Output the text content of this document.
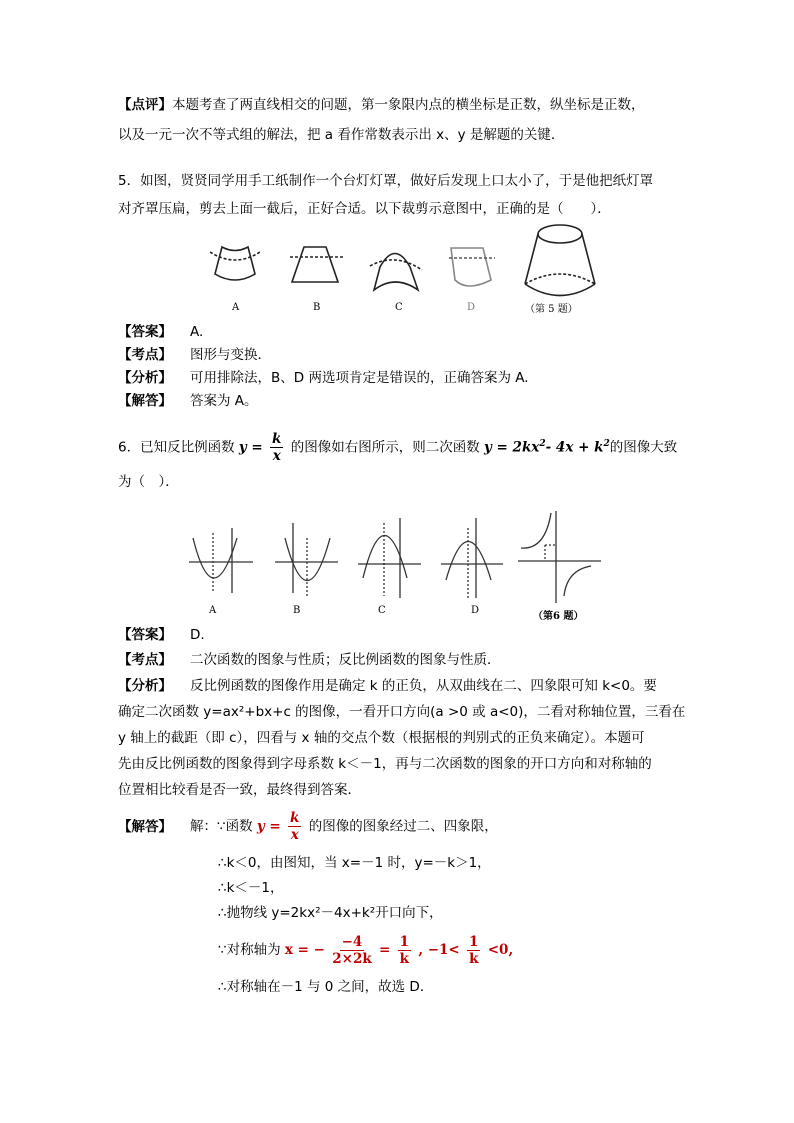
【点评】本题考查了两直线相交的问题，第一象限内点的横坐标是正数，纵坐标是正数，
以及一元一次不等式组的解法，把 a 看作常数表示出 x、y 是解题的关键．
5．如图，贤贤同学用手工纸制作一个台灯灯罩，做好后发现上口太小了，于是他把纸灯罩
对齐罩压扁，剪去上面一截后，正好合适。以下裁剪示意图中，正确的是（　　）．
A	B	C	D	（第 5 题）
【答案】 A.
【考点】 图形与变换．
【分析】 可用排除法，B、D 两选项肯定是错误的，正确答案为 A.
【解答】 答案为 A。
6．已知反比例函数 $y = \frac{k}{x}$ 的图像如右图所示，则二次函数 $y = 2kx^2-$ $4x + k^2$的图像大致
为（　）．
A	B	C	D
（第6 题）
【答案】 D.
【考点】 二次函数的图象与性质；反比例函数的图象与性质．
【分析】 反比例函数的图像作用是确定 k 的正负，从双曲线在二、四象限可知 k<0。要
确定二次函数 y=ax²+bx+c 的图像，一看开口方向(a >0 或 a<0)，二看对称轴位置，三看在
y 轴上的截距（即 c），四看与 x 轴的交点个数（根据根的判别式的正负来确定）。本题可
先由反比例函数的图象得到字母系数 k＜－1，再与二次函数的图象的开口方向和对称轴的
位置相比较看是否一致，最终得到答案．
【解答】 解：∵函数 $y = \frac{k}{x}$ 的图像的图象经过二、四象限，
∴k＜0，由图知，当 x=－1 时，y=－k＞1，
∴k＜－1，
∴抛物线 y=2kx²－4x+k²开口向下，
∵对称轴为 x = − $\frac{-4}{2\times 2k} = \frac{1}{k}$ , $-1< \frac{1}{k} <0$,
∴对称轴在－1 与 0 之间，故选 D．
